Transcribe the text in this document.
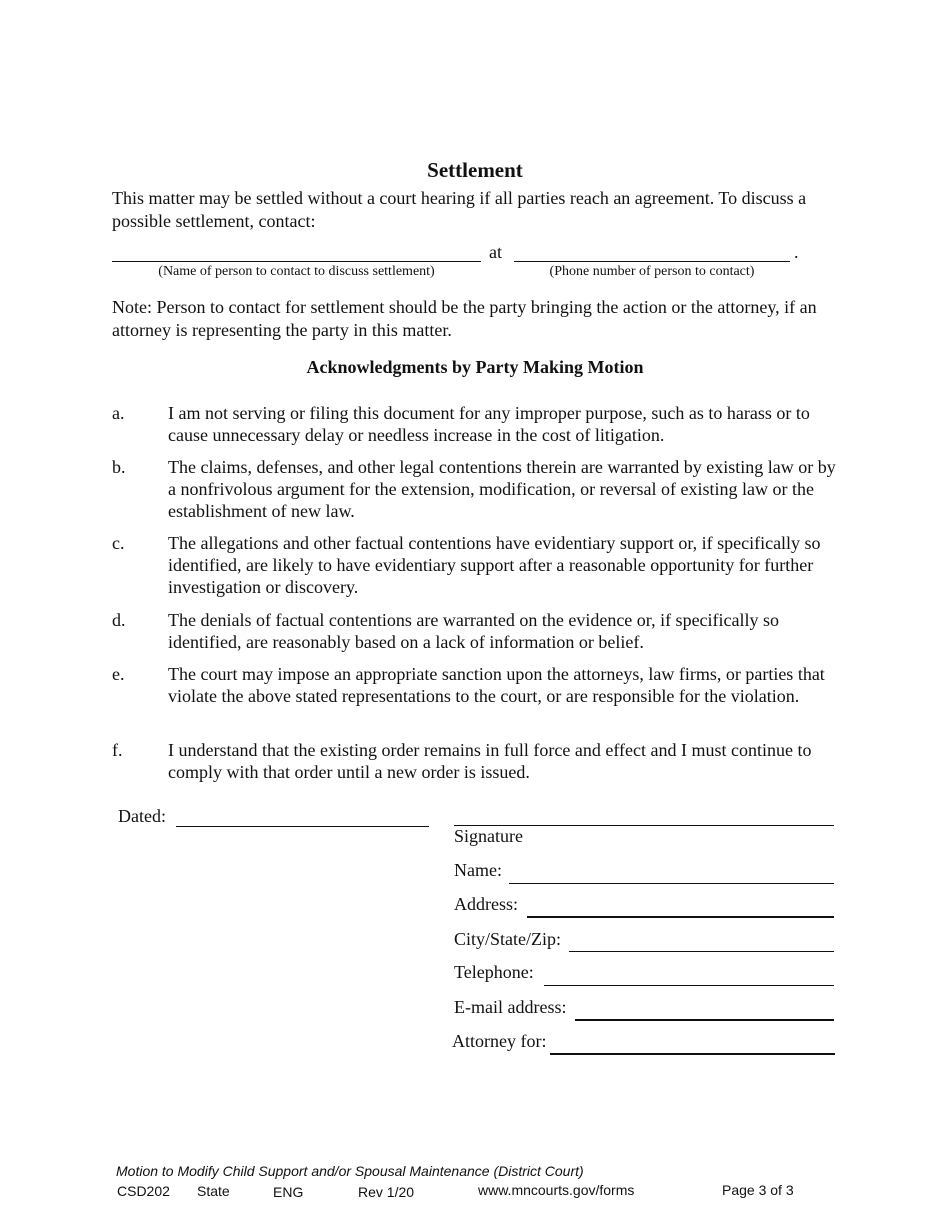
Settlement
This matter may be settled without a court hearing if all parties reach an agreement. To discuss a possible settlement, contact:
at	.
(Name of person to contact to discuss settlement)	(Phone number of person to contact)
Note: Person to contact for settlement should be the party bringing the action or the attorney, if an attorney is representing the party in this matter.
Acknowledgments by Party Making Motion
a. I am not serving or filing this document for any improper purpose, such as to harass or to cause unnecessary delay or needless increase in the cost of litigation.
b. The claims, defenses, and other legal contentions therein are warranted by existing law or by a nonfrivolous argument for the extension, modification, or reversal of existing law or the establishment of new law.
c. The allegations and other factual contentions have evidentiary support or, if specifically so identified, are likely to have evidentiary support after a reasonable opportunity for further investigation or discovery.
d. The denials of factual contentions are warranted on the evidence or, if specifically so identified, are reasonably based on a lack of information or belief.
e. The court may impose an appropriate sanction upon the attorneys, law firms, or parties that violate the above stated representations to the court, or are responsible for the violation.
f.	I understand that the existing order remains in full force and effect and I must continue to comply with that order until a new order is issued.
Dated:
Signature
Name:
Address:
City/State/Zip:
Telephone:
E-mail address:
Attorney for:
Motion to Modify Child Support and/or Spousal Maintenance (District Court)
CSD202 State	ENG	Rev 1/20	www.mncourts.gov/forms	Page 3 of 3
